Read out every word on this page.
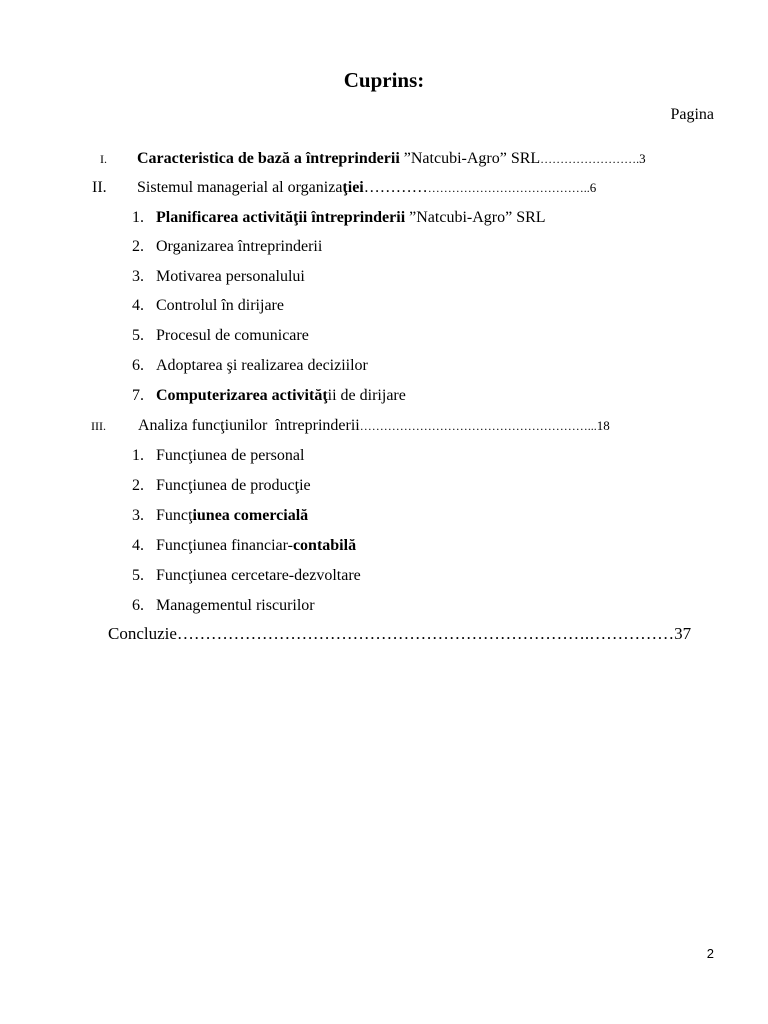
Cuprins:
Pagina
I. Caracteristica de bază a întreprinderii ”Natcubi-Agro” SRL…………………….3
II. Sistemul managerial al organizaţiei……………………………………………..6
1. Planificarea activităţii întreprinderii ”Natcubi-Agro” SRL
2. Organizarea întreprinderii
3. Motivarea personalului
4. Controlul în dirijare
5. Procesul de comunicare
6. Adoptarea şi realizarea deciziilor
7. Computerizarea activităţii de dirijare
III. Analiza funcţiunilor  întreprinderii…………………………………………………...18
1. Funcţiunea de personal
2. Funcţiunea de producţie
3. Funcţiunea comercială
4. Funcţiunea financiar-contabilă
5. Funcţiunea cercetare-dezvoltare
6. Managementul riscurilor
Concluzie……………………………………………………………….……………37
2
